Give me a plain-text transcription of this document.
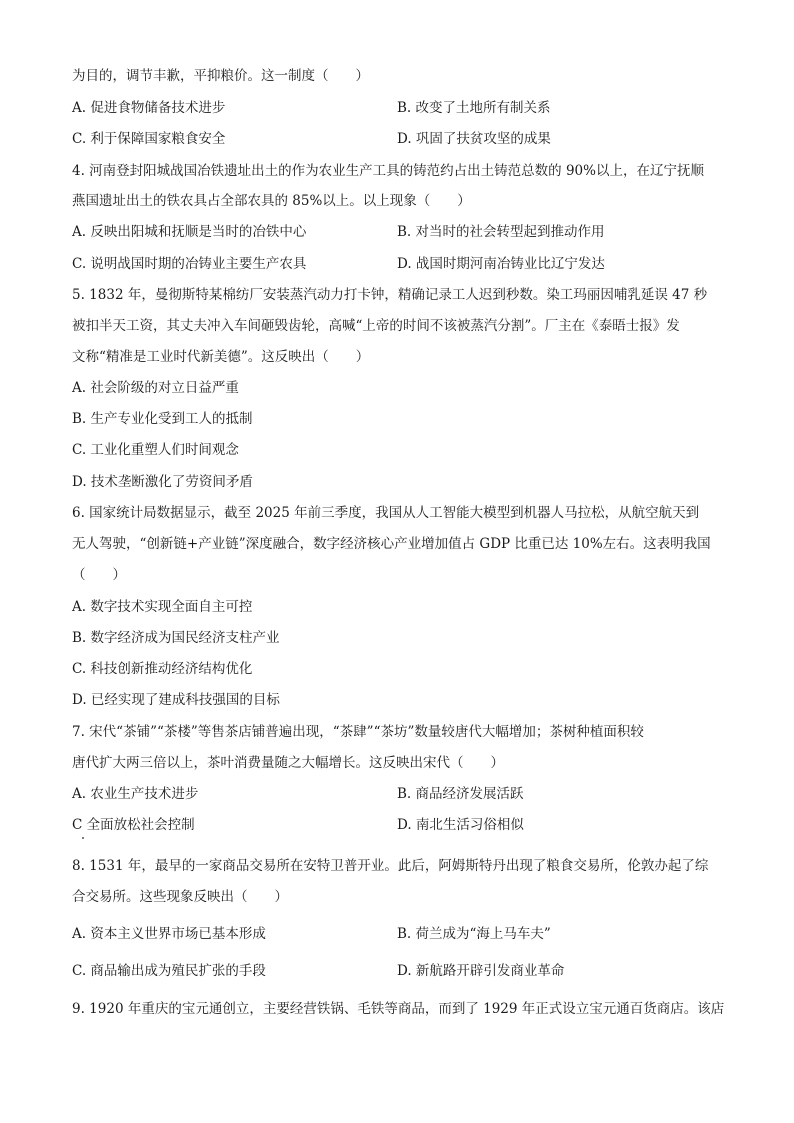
为目的，调节丰歉，平抑粮价。这一制度（　　）
A. 促进食物储备技术进步	B. 改变了土地所有制关系
C. 利于保障国家粮食安全	D. 巩固了扶贫攻坚的成果
4. 河南登封阳城战国冶铁遗址出土的作为农业生产工具的铸范约占出土铸范总数的 90%以上，在辽宁抚顺
燕国遗址出土的铁农具占全部农具的 85%以上。以上现象（　　）
A. 反映出阳城和抚顺是当时的冶铁中心	B. 对当时的社会转型起到推动作用
C. 说明战国时期的冶铸业主要生产农具	D. 战国时期河南冶铸业比辽宁发达
5. 1832 年，曼彻斯特某棉纺厂安装蒸汽动力打卡钟，精确记录工人迟到秒数。染工玛丽因哺乳延误 47 秒
被扣半天工资，其丈夫冲入车间砸毁齿轮，高喊“上帝的时间不该被蒸汽分割”。厂主在《泰晤士报》发
文称“精准是工业时代新美德”。这反映出（　　）
A. 社会阶级的对立日益严重
B. 生产专业化受到工人的抵制
C. 工业化重塑人们时间观念
D. 技术垄断激化了劳资间矛盾
6. 国家统计局数据显示，截至 2025 年前三季度，我国从人工智能大模型到机器人马拉松，从航空航天到
无人驾驶，“创新链+产业链”深度融合，数字经济核心产业增加值占 GDP 比重已达 10%左右。这表明我国
（　　）
A. 数字技术实现全面自主可控
B. 数字经济成为国民经济支柱产业
C. 科技创新推动经济结构优化
D. 已经实现了建成科技强国的目标
7. 宋代“茶铺”“茶楼”等售茶店铺普遍出现，“茶肆”“茶坊”数量较唐代大幅增加；茶树种植面积较
唐代扩大两三倍以上，茶叶消费量随之大幅增长。这反映出宋代（　　）
A. 农业生产技术进步	B. 商品经济发展活跃
C 全面放松社会控制	D. 南北生活习俗相似
8. 1531 年，最早的一家商品交易所在安特卫普开业。此后，阿姆斯特丹出现了粮食交易所，伦敦办起了综
合交易所。这些现象反映出（　　）
A. 资本主义世界市场已基本形成	B. 荷兰成为“海上马车夫”
C. 商品输出成为殖民扩张的手段	D. 新航路开辟引发商业革命
9. 1920 年重庆的宝元通创立，主要经营铁锅、毛铁等商品，而到了 1929 年正式设立宝元通百货商店。该店
